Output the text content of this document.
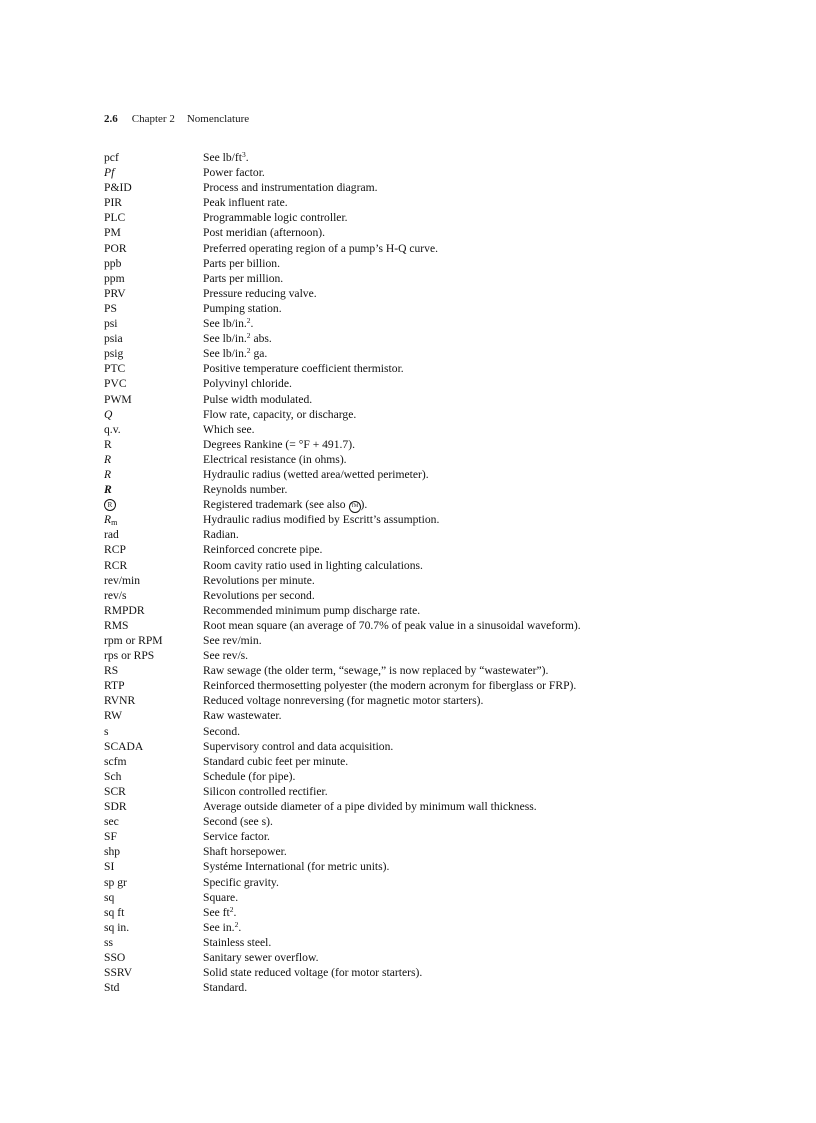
2.6 Chapter 2 Nomenclature
pcf	See $lb/ft^3$.
Pf	Power factor.
P&ID	Process and instrumentation diagram.
PIR	Peak influent rate.
PLC	Programmable logic controller.
PM	Post meridian (afternoon).
POR	Preferred operating region of a pump’s H-Q curve.
ppb	Parts per billion.
ppm	Parts per million.
PRV	Pressure reducing valve.
PS	Pumping station.
psi	See lb/in.$^2$.
psia	See lb/in.$^2$ abs.
psig	See lb/in.$^2$ ga.
PTC	Positive temperature coefficient thermistor.
PVC	Polyvinyl chloride.
PWM	Pulse width modulated.
Q	Flow rate, capacity, or discharge.
q.v.	Which see.
R	Degrees Rankine (= °F + 491.7).
R	Electrical resistance (in ohms).
R	Hydraulic radius (wetted area/wetted perimeter).
R	Reynolds number.
R	Registered trademark (see also TM ).
$R_m$	Hydraulic radius modified by Escritt’s assumption.
rad	Radian.
RCP	Reinforced concrete pipe.
RCR	Room cavity ratio used in lighting calculations.
rev/min	Revolutions per minute.
rev/s	Revolutions per second.
RMPDR	Recommended minimum pump discharge rate.
RMS	Root mean square (an average of 70.7% of peak value in a sinusoidal waveform).
rpm or RPM	See rev/min.
rps or RPS	See rev/s.
RS	Raw sewage (the older term, “sewage,” is now replaced by “wastewater”).
RTP	Reinforced thermosetting polyester (the modern acronym for fiberglass or FRP).
RVNR	Reduced voltage nonreversing (for magnetic motor starters).
RW	Raw wastewater.
s	Second.
SCADA	Supervisory control and data acquisition.
scfm	Standard cubic feet per minute.
Sch	Schedule (for pipe).
SCR	Silicon controlled rectifier.
SDR	Average outside diameter of a pipe divided by minimum wall thickness.
sec	Second (see s).
SF	Service factor.
shp	Shaft horsepower.
SI	Systéme International (for metric units).
sp gr	Specific gravity.
sq	Square.
sq ft	See $ft^2$.
sq in.	See in.$^2$.
ss	Stainless steel.
SSO	Sanitary sewer overflow.
SSRV	Solid state reduced voltage (for motor starters).
Std	Standard.
